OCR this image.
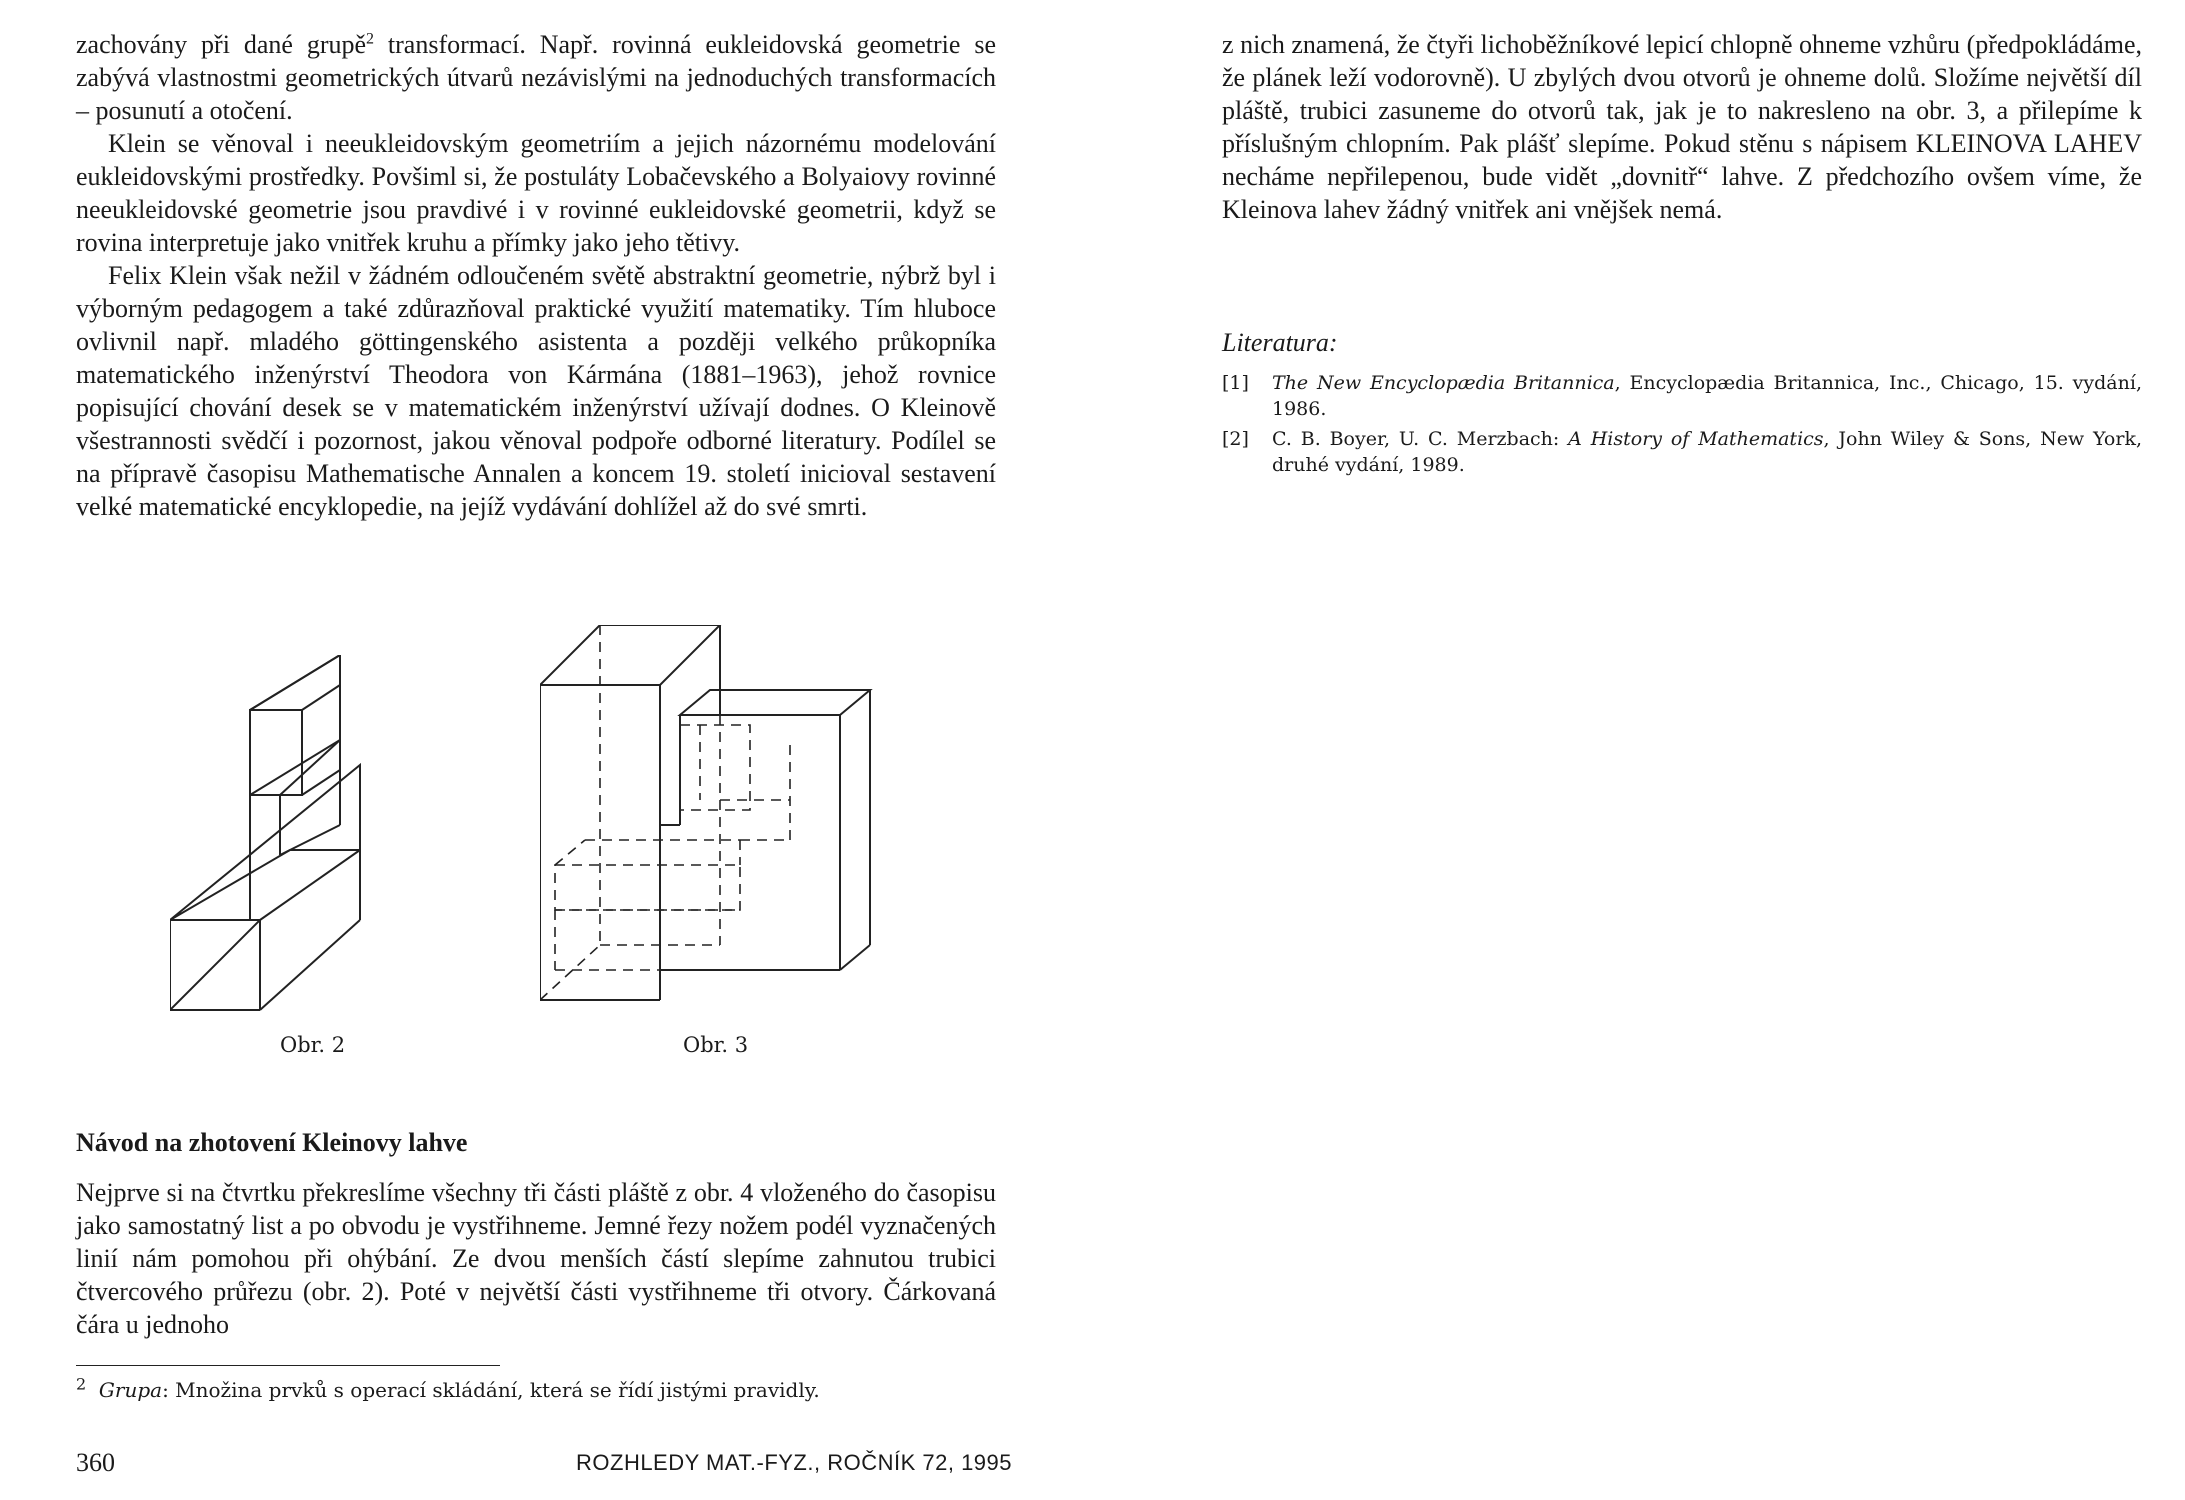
zachovány při dané grupě$^2$ transformací. Např. rovinná eukleidovská geometrie se zabývá vlastnostmi geometrických útvarů nezávislými na jednoduchých transformacích – posunutí a otočení.

Klein se věnoval i neeukleidovským geometriím a jejich názornému modelování eukleidovskými prostředky. Povšiml si, že postuláty Lobačevského a Bolyaiovy rovinné neeukleidovské geometrie jsou pravdivé i v rovinné eukleidovské geometrii, když se rovina interpretuje jako vnitřek kruhu a přímky jako jeho tětivy.

Felix Klein však nežil v žádném odloučeném světě abstraktní geometrie, nýbrž byl i výborným pedagogem a také zdůrazňoval praktické využití matematiky. Tím hluboce ovlivnil např. mladého göttingenského asistenta a později velkého průkopníka matematického inženýrství Theodora von Kármána (1881–1963), jehož rovnice popisující chování desek se v matematickém inženýrství užívají dodnes. O Kleinově všestrannosti svědčí i pozornost, jakou věnoval podpoře odborné literatury. Podílel se na přípravě časopisu Mathematische Annalen a koncem 19. století inicioval sestavení velké matematické encyklopedie, na jejíž vydávání dohlížel až do své smrti.

Obr. 2	Obr. 3

Návod na zhotovení Kleinovy lahve

Nejprve si na čtvrtku překreslíme všechny tři části pláště z obr. 4 vloženého do časopisu jako samostatný list a po obvodu je vystřihneme. Jemné řezy nožem podél vyznačených linií nám pomohou při ohýbání. Ze dvou menších částí slepíme zahnutou trubici čtvercového průřezu (obr. 2). Poté v největší části vystřihneme tři otvory. Čárkovaná čára u jednoho

$^2$ Grupa: Množina prvků s operací skládání, která se řídí jistými pravidly.
360	ROZHLEDY MAT.-FYZ., ROČNÍK 72, 1995

z nich znamená, že čtyři lichoběžníkové lepicí chlopně ohneme vzhůru (předpokládáme, že plánek leží vodorovně). U zbylých dvou otvorů je ohneme dolů. Složíme největší díl pláště, trubici zasuneme do otvorů tak, jak je to nakresleno na obr. 3, a přilepíme k příslušným chlopním. Pak plášť slepíme. Pokud stěnu s nápisem KLEINOVA LAHEV necháme nepřilepenou, bude vidět „dovnitř“ lahve. Z předchozího ovšem víme, že Kleinova lahev žádný vnitřek ani vnějšek nemá.

Literatura:

[1]	The New Encyclopædia Britannica, Encyclopædia Britannica, Inc., Chicago, 15. vydání, 1986.
[2]	C. B. Boyer, U. C. Merzbach: A History of Mathematics, John Wiley & Sons, New York, druhé vydání, 1989.
